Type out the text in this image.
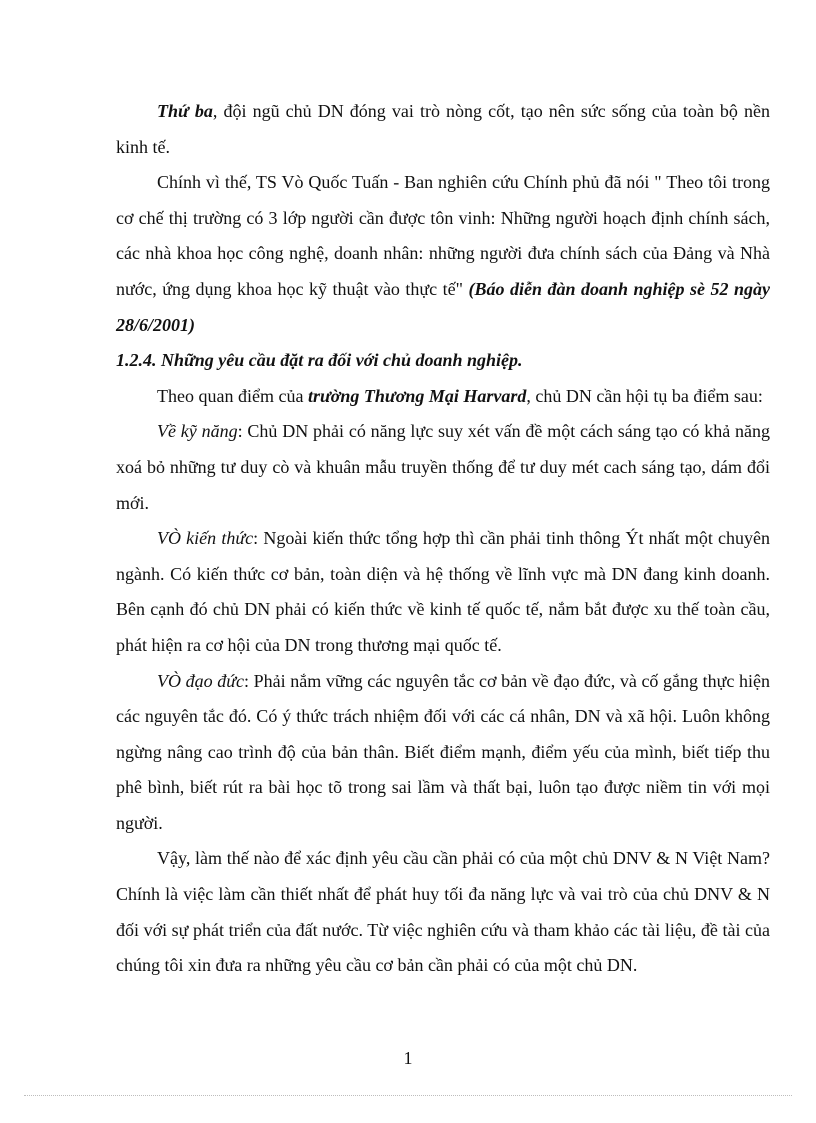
Thứ ba, đội ngũ chủ DN đóng vai trò nòng cốt, tạo nên sức sống của toàn bộ nền kinh tế.

Chính vì thế, TS Vò Quốc Tuấn - Ban nghiên cứu Chính phủ đã nói " Theo tôi trong cơ chế thị trường có 3 lớp người cần được tôn vinh: Những người hoạch định chính sách, các nhà khoa học công nghệ, doanh nhân: những người đưa chính sách của Đảng và Nhà nước, ứng dụng khoa học kỹ thuật vào thực tế" (Báo diễn đàn doanh nghiệp sè 52 ngày 28/6/2001)

1.2.4. Những yêu cầu đặt ra đối với chủ doanh nghiệp.

Theo quan điểm của trường Thương Mại Harvard, chủ DN cần hội tụ ba điểm sau:

Về kỹ năng: Chủ DN phải có năng lực suy xét vấn đề một cách sáng tạo có khả năng xoá bỏ những tư duy cò và khuân mẫu truyền thống để tư duy mét cach sáng tạo, dám đổi mới.

VÒ kiến thức: Ngoài kiến thức tổng hợp thì cần phải tinh thông Ýt nhất một chuyên ngành. Có kiến thức cơ bản, toàn diện và hệ thống về lĩnh vực mà DN đang kinh doanh. Bên cạnh đó chủ DN phải có kiến thức về kinh tế quốc tế, nắm bắt được xu thế toàn cầu, phát hiện ra cơ hội của DN trong thương mại quốc tế.

VÒ đạo đức: Phải nắm vững các nguyên tắc cơ bản về đạo đức, và cố gắng thực hiện các nguyên tắc đó. Có ý thức trách nhiệm đối với các cá nhân, DN và xã hội. Luôn không ngừng nâng cao trình độ của bản thân. Biết điểm mạnh, điểm yếu của mình, biết tiếp thu phê bình, biết rút ra bài học tõ trong sai lầm và thất bại, luôn tạo được niềm tin với mọi người.

Vậy, làm thế nào để xác định yêu cầu cần phải có của một chủ DNV & N Việt Nam? Chính là việc làm cần thiết nhất để phát huy tối đa năng lực và vai trò của chủ DNV & N đối với sự phát triển của đất nước. Từ việc nghiên cứu và tham khảo các tài liệu, đề tài của chúng tôi xin đưa ra những yêu cầu cơ bản cần phải có của một chủ DN.

1
